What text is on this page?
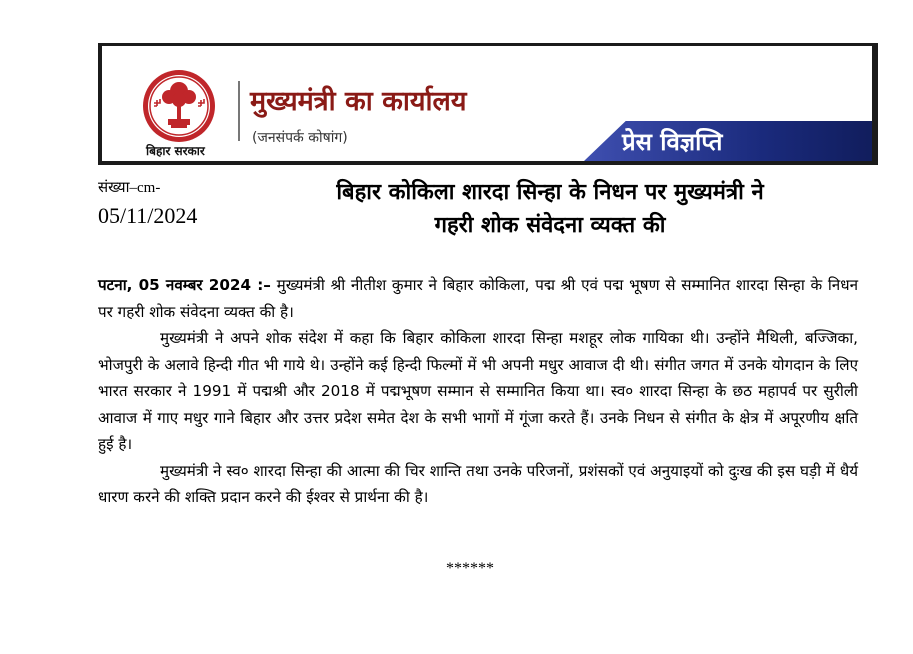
बिहार सरकार
मुख्यमंत्री का कार्यालय
(जनसंपर्क कोषांग)	प्रेस विज्ञप्ति
संख्या–cm-
05/11/2024
बिहार कोकिला शारदा सिन्हा के निधन पर मुख्यमंत्री ने
गहरी शोक संवेदना व्यक्त की

पटना, 05 नवम्बर 2024 :– मुख्यमंत्री श्री नीतीश कुमार ने बिहार कोकिला, पद्म श्री एवं पद्म भूषण से सम्मानित शारदा सिन्हा के निधन पर गहरी शोक संवेदना व्यक्त की है।

मुख्यमंत्री ने अपने शोक संदेश में कहा कि बिहार कोकिला शारदा सिन्हा मशहूर लोक गायिका थी। उन्होंने मैथिली, बज्जिका, भोजपुरी के अलावे हिन्दी गीत भी गाये थे। उन्होंने कई हिन्दी फिल्मों में भी अपनी मधुर आवाज दी थी। संगीत जगत में उनके योगदान के लिए भारत सरकार ने 1991 में पद्मश्री और 2018 में पद्मभूषण सम्मान से सम्मानित किया था। स्व० शारदा सिन्हा के छठ महापर्व पर सुरीली आवाज में गाए मधुर गाने बिहार और उत्तर प्रदेश समेत देश के सभी भागों में गूंजा करते हैं। उनके निधन से संगीत के क्षेत्र में अपूरणीय क्षति हुई है।

मुख्यमंत्री ने स्व० शारदा सिन्हा की आत्मा की चिर शान्ति तथा उनके परिजनों, प्रशंसकों एवं अनुयाइयों को दुःख की इस घड़ी में धैर्य धारण करने की शक्ति प्रदान करने की ईश्वर से प्रार्थना की है।

******
